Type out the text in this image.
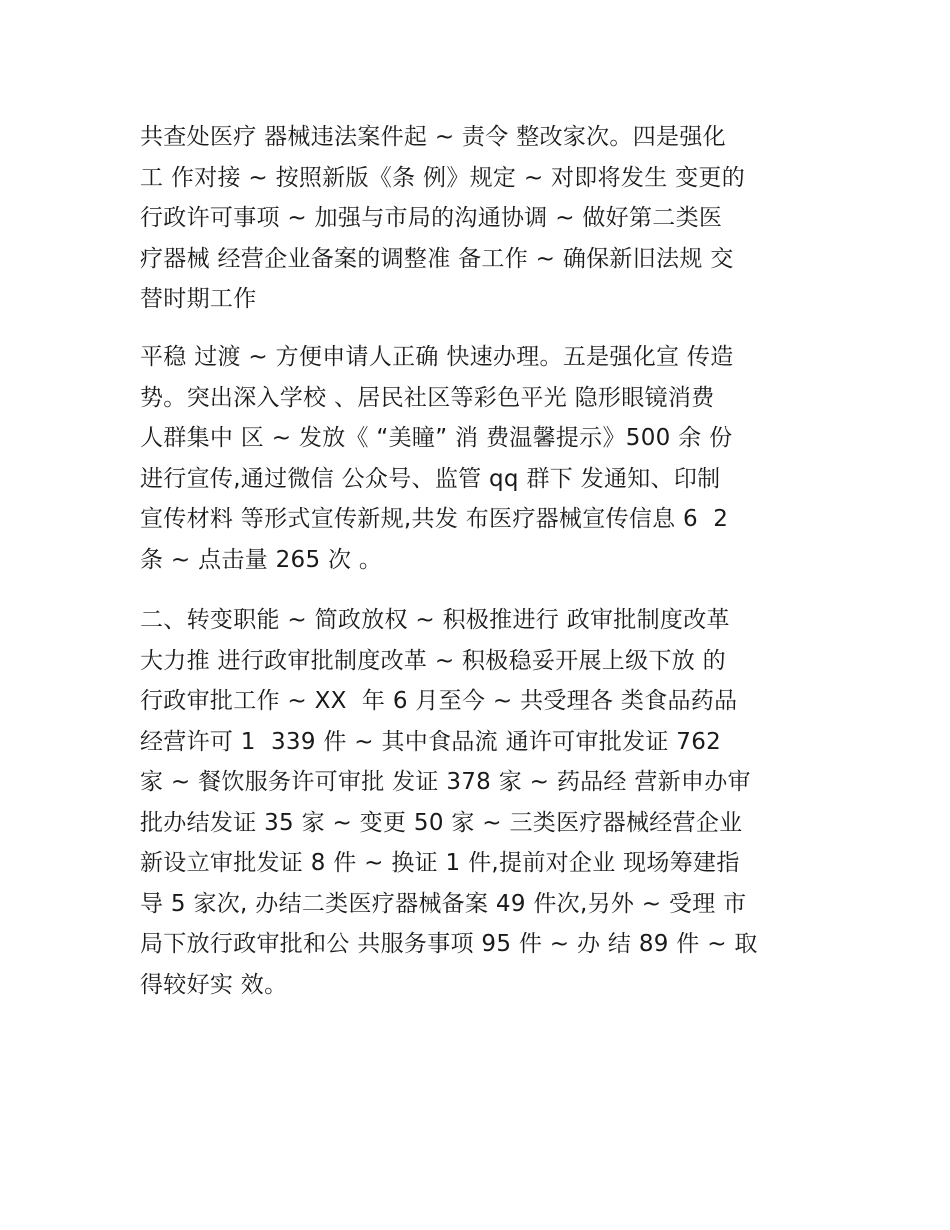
共查处医疗 器械违法案件起 ~ 责令 整改家次。四是强化
工 作对接 ~ 按照新版《条 例》规定 ~ 对即将发生 变更的
行政许可事项 ~ 加强与市局的沟通协调 ~ 做好第二类医
疗器械 经营企业备案的调整准 备工作 ~ 确保新旧法规 交
替时期工作
平稳 过渡 ~ 方便申请人正确 快速办理。五是强化宣 传造
势。突出深入学校 、居民社区等彩色平光 隐形眼镜消费
人群集中 区 ~ 发放《 “美瞳” 消 费温馨提示》500 余 份
进行宣传,通过微信 公众号、监管 qq 群下 发通知、印制
宣传材料 等形式宣传新规,共发 布医疗器械宣传信息 6  2
条 ~ 点击量 265 次 。
二、转变职能 ~ 简政放权 ~ 积极推进行 政审批制度改革
大力推 进行政审批制度改革 ~ 积极稳妥开展上级下放 的
行政审批工作 ~ XX  年 6 月至今 ~ 共受理各 类食品药品
经营许可 1  339 件 ~ 其中食品流 通许可审批发证 762
家 ~ 餐饮服务许可审批 发证 378 家 ~ 药品经 营新申办审
批办结发证 35 家 ~ 变更 50 家 ~ 三类医疗器械经营企业
新设立审批发证 8 件 ~ 换证 1 件,提前对企业 现场筹建指
导 5 家次, 办结二类医疗器械备案 49 件次,另外 ~ 受理 市
局下放行政审批和公 共服务事项 95 件 ~ 办 结 89 件 ~ 取
得较好实 效。
